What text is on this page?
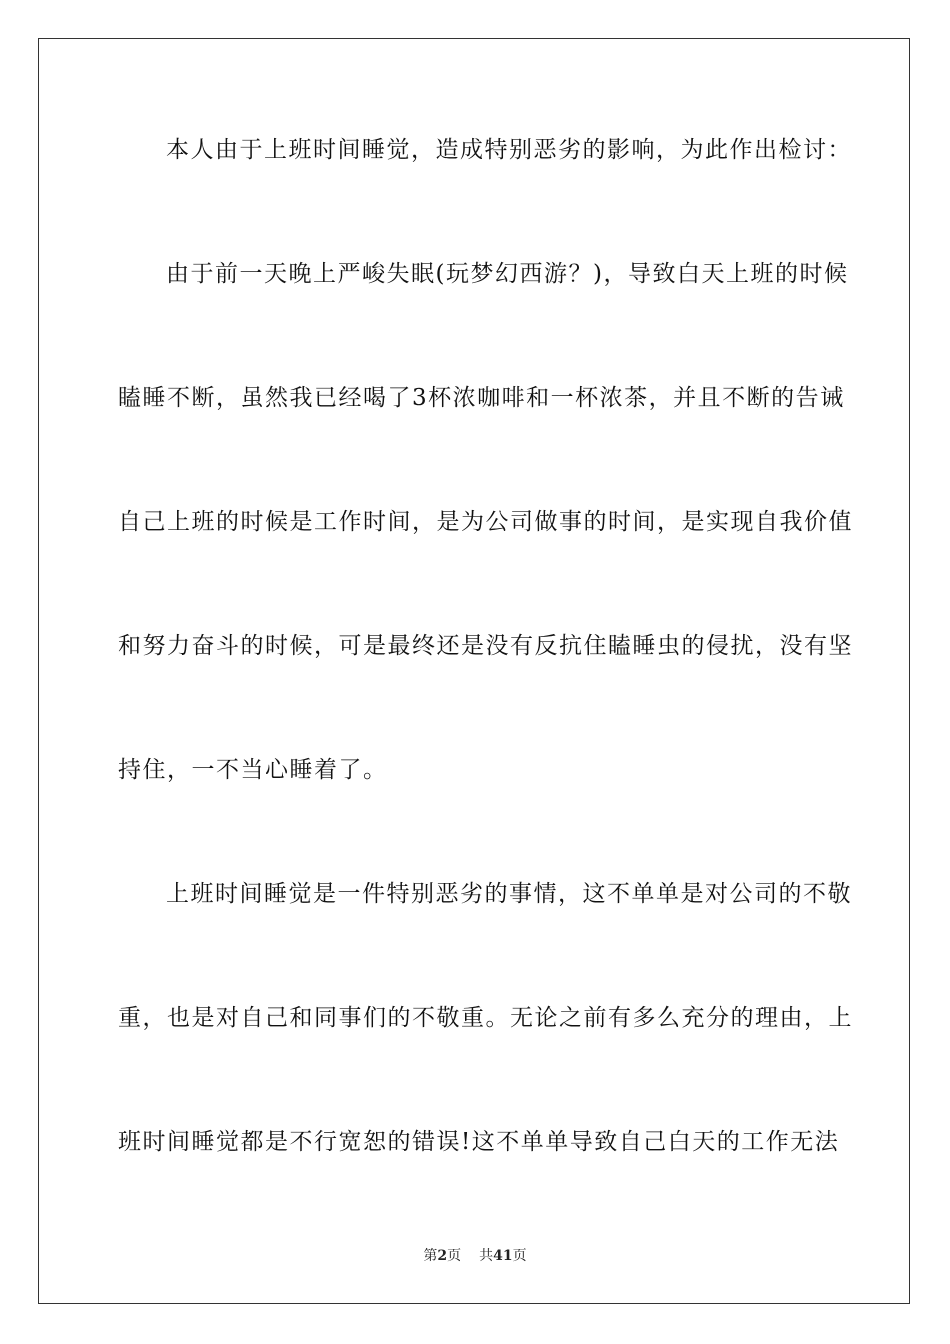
本人由于上班时间睡觉，造成特别恶劣的影响，为此作出检讨：
由于前一天晚上严峻失眠(玩梦幻西游？)，导致白天上班的时候
瞌睡不断，虽然我已经喝了3杯浓咖啡和一杯浓茶，并且不断的告诫
自己上班的时候是工作时间，是为公司做事的时间，是实现自我价值
和努力奋斗的时候，可是最终还是没有反抗住瞌睡虫的侵扰，没有坚
持住，一不当心睡着了。
上班时间睡觉是一件特别恶劣的事情，这不单单是对公司的不敬
重，也是对自己和同事们的不敬重。无论之前有多么充分的理由，上
班时间睡觉都是不行宽恕的错误!这不单单导致自己白天的工作无法
第2页 共41页
